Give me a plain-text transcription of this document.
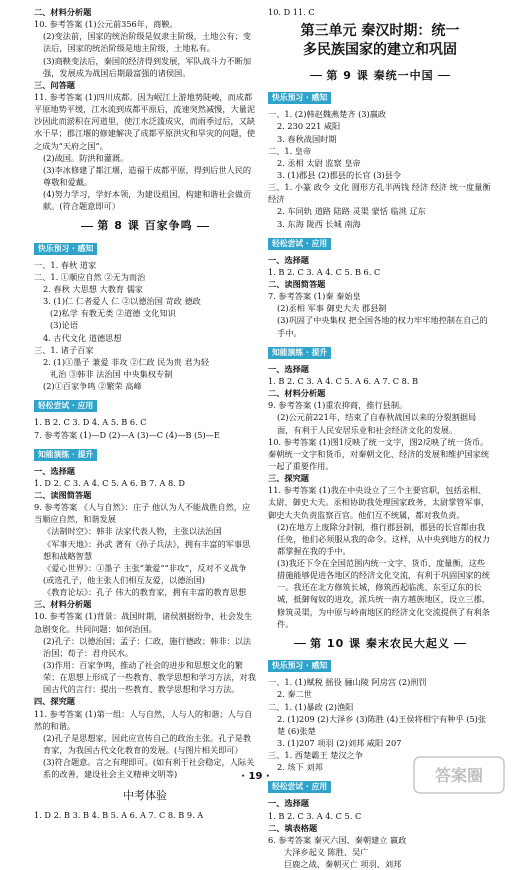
二、材料分析题
10. 参考答案 (1)公元前356年，商鞅。
(2)变法前，国家的统治阶级是奴隶主阶级，土地公有；变法后，国家的统治阶级是地主阶级，土地私有。
(3)商鞅变法后，秦国的经济得到发展，军队战斗力不断加强，发展成为战国后期最富强的诸侯国。
三、问答题
11. 参考答案 (1)四川成都。因为岷江上游地势陡峻，而成都平原地势平缓，江水流到成都平原后，流速突然减慢，大量泥沙因此而淤积在河道里，使江水泛滥成灾，而雨季过后，又缺水干旱；郡江堰的修建解决了成都平原洪灾和旱灾的问题，使之成为“天府之国”。
(2)战国。防洪和灌溉。
(3)李冰修建了都江堰，造福于成都平原，得到后世人民的尊敬和爱戴。
(4)努力学习，学好本领，为建设祖国、构建和谐社会做贡献。(符合题意即可）
第 8 课 百家争鸣
快乐预习 · 感知
一、1. 春秋 道家
二、1. ①顺应自然 ②无为而治
2. 春秋 大思想 大教育 儒家
3. (1)仁 仁者爱人 仁 ②以德治国 苛政 德政
(2)私学 有教无类 ②道德 文化知识
(3)论语
4. 古代文化 道德思想
三、1. 诸子百家
2. (1)①墨子 兼爱 非攻 ②仁政 民为贵 君为轻
礼治 ③韩非 法治国 中央集权专制
(2)①百家争鸣 ②繁荣 高峰
轻松尝试 · 应用
1. B 2. C 3. D 4. A 5. B 6. C
7. 参考答案 (1)—D (2)—A (3)—C (4)—B (5)—E
知能演练 · 提升
一、选择题
1. D 2. C 3. A 4. C 5. A 6. B 7. A 8. D
二、读图简答题
9. 参考答案 《人与自然》：庄子 他认为人不能战胜自然，应当顺应自然，和谐发展
《法制时空》：韩非 法家代表人物，主张以法治国
《军事天地》：孙武 著有《孙子兵法》，拥有丰富的军事思想和战略智慧
《爱心世界》：①墨子 主张“兼爱”“非攻”，反对不义战争
(或选孔子，他主张人们相互友爱，以德治国)
《教育论坛》：孔子 伟大的教育家，拥有丰富的教育思想
三、材料分析题
10. 参考答案 (1)背景：战国时期，诸侯割据纷争，社会发生急剧变化。共同问题：如何治国。
(2)孔子：以德治国；孟子：仁政，施行德政；韩非：以法治国；荀子：君舟民水。
(3)作用：百家争鸣，推动了社会的进步和思想文化的繁荣；在思想上形成了一些教育、教学思想和学习方法，对我国古代的言行：提出一些教育、教学思想和学习方法。
四、探究题
11. 参考答案 (1)第一组：人与自然，人与人的和谐；人与自然的和谐。
(2)孔子是思想家，因此应宣传自己的政治主张。孔子是教育家，为我国古代文化教育的发展。(与图片相关即可）
(3)符合题意。言之有理即可。(如有利于社会稳定，人际关系的改善，建设社会主义精神文明等)
中考体验
1. D 2. B 3. B 4. B 5. A 6. A 7. C 8. B 9. A
10. D 11. C
第三单元 秦汉时期：统一
多民族国家的建立和巩固
第 9 课 秦统一中国
快乐预习 · 感知
一、1. (2)韩赵魏燕楚齐 (3)嬴政
2. 230 221 咸阳
3. 春秋战国时期
二、1. 皇帝
2. 丞相 太尉 监察 皇帝
3. (1)郡县 (2)郡县的长官 (3)县令
三、1. 小篆 政令 文化 圆形方孔半两钱 经济 经济 统一度量衡 经济
2. 车同轨 道路 陆路 灵渠 蒙恬 临洮 辽东
3. 东海 陇西 长城 南海
轻松尝试 · 应用
一、选择题
1. B 2. C 3. A 4. C 5. B 6. C
二、读图简答题
7. 参考答案 (1)秦 秦始皇
(2)丞相 军事 御史大夫 郡县制
(3)巩固了中央集权 把全国各地的权力牢牢地控制在自己的手中。
知能演练 · 提升
一、选择题
1. B 2. C 3. A 4. C 5. A 6. A 7. C 8. B
二、材料分析题
9. 参考答案 (1)重农抑商，推行县制。
(2)公元前221年，结束了自春秋战国以来的分裂割据局面，有利于人民安居乐业和社会经济文化的发展。
10. 参考答案 (1)图1反映了统一文字，图2反映了统一货币。秦朝统一文字和货币，对秦朝文化、经济的发展和维护国家统一起了重要作用。
三、探究题
11. 参考答案 (1)我在中央设立了三个主要官职，包括丞相、太尉、御史大夫。丞相协助我处理国家政务，太尉掌管军事，御史大夫负责监察百官。他们互不统属，都对我负责。
(2)在地方上废除分封制，推行郡县制，郡县的长官都由我任免，他们必须服从我的命令。这样，从中央到地方的权力都掌握在我的手中。
(3)我还下令在全国范围内统一文字、货币、度量衡，这些措施能够促进各地区的经济文化交流，有利于巩固国家的统一。我还在北方修筑长城，修筑西起临洮、东至辽东的长城，抵御匈奴的进攻，派兵统一南方越族地区，设立三郡，修筑灵渠，为中原与岭南地区的经济文化交流提供了有利条件。
第 10 课 秦末农民大起义
快乐预习 · 感知
一、1. (1)赋税 摇役 骊山陵 阿房宫 (2)刑罚
2. 秦二世
二、1. (1)暴政 (2)渔阳
2. (1)209 (2)大泽乡 (3)陈胜 (4)王侯将相宁有种乎 (5)张楚 (6)张楚
3. (1)207 项羽 (2)刘邦 咸阳 207
三、1. 西楚霸王 楚汉之争
2. 垓下 刘邦
轻松尝试 · 应用
一、选择题
1. B 2. C 3. A 4. C 5. C
二、填表格题
6. 参考答案 秦灭六国、秦朝建立 嬴政
大泽乡起义 陈胜、吴广
巨鹿之战、秦朝灭亡 项羽、刘邦
· 19 ·	答案圈
